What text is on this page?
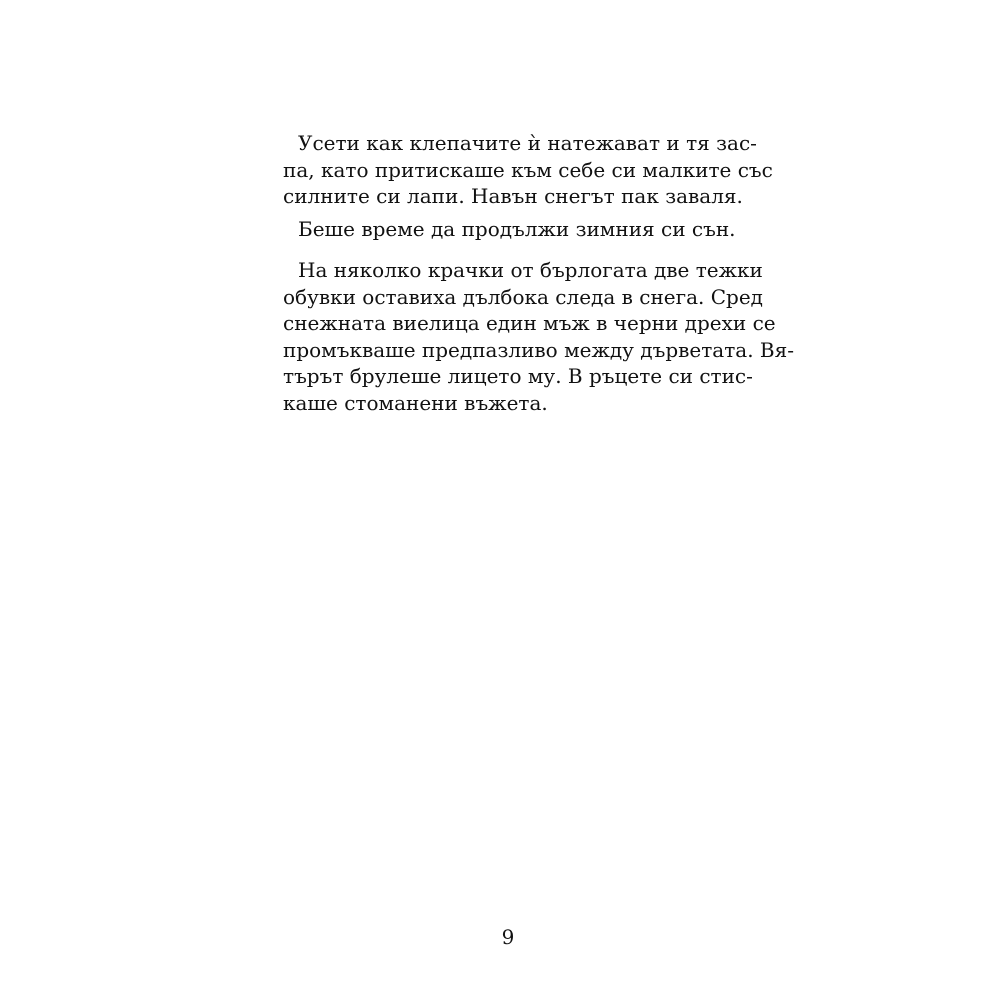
Усети как клепачите ѝ натежават и тя зас-
па, като притискаше към себе си малките със
силните си лапи. Навън снегът пак заваля.
Беше време да продължи зимния си сън.
На няколко крачки от бърлогата две тежки
обувки оставиха дълбока следа в снега. Сред
снежната виелица един мъж в черни дрехи се
промъкваше предпазливо между дърветата. Вя-
търът брулеше лицето му. В ръцете си стис-
каше стоманени въжета.
9
